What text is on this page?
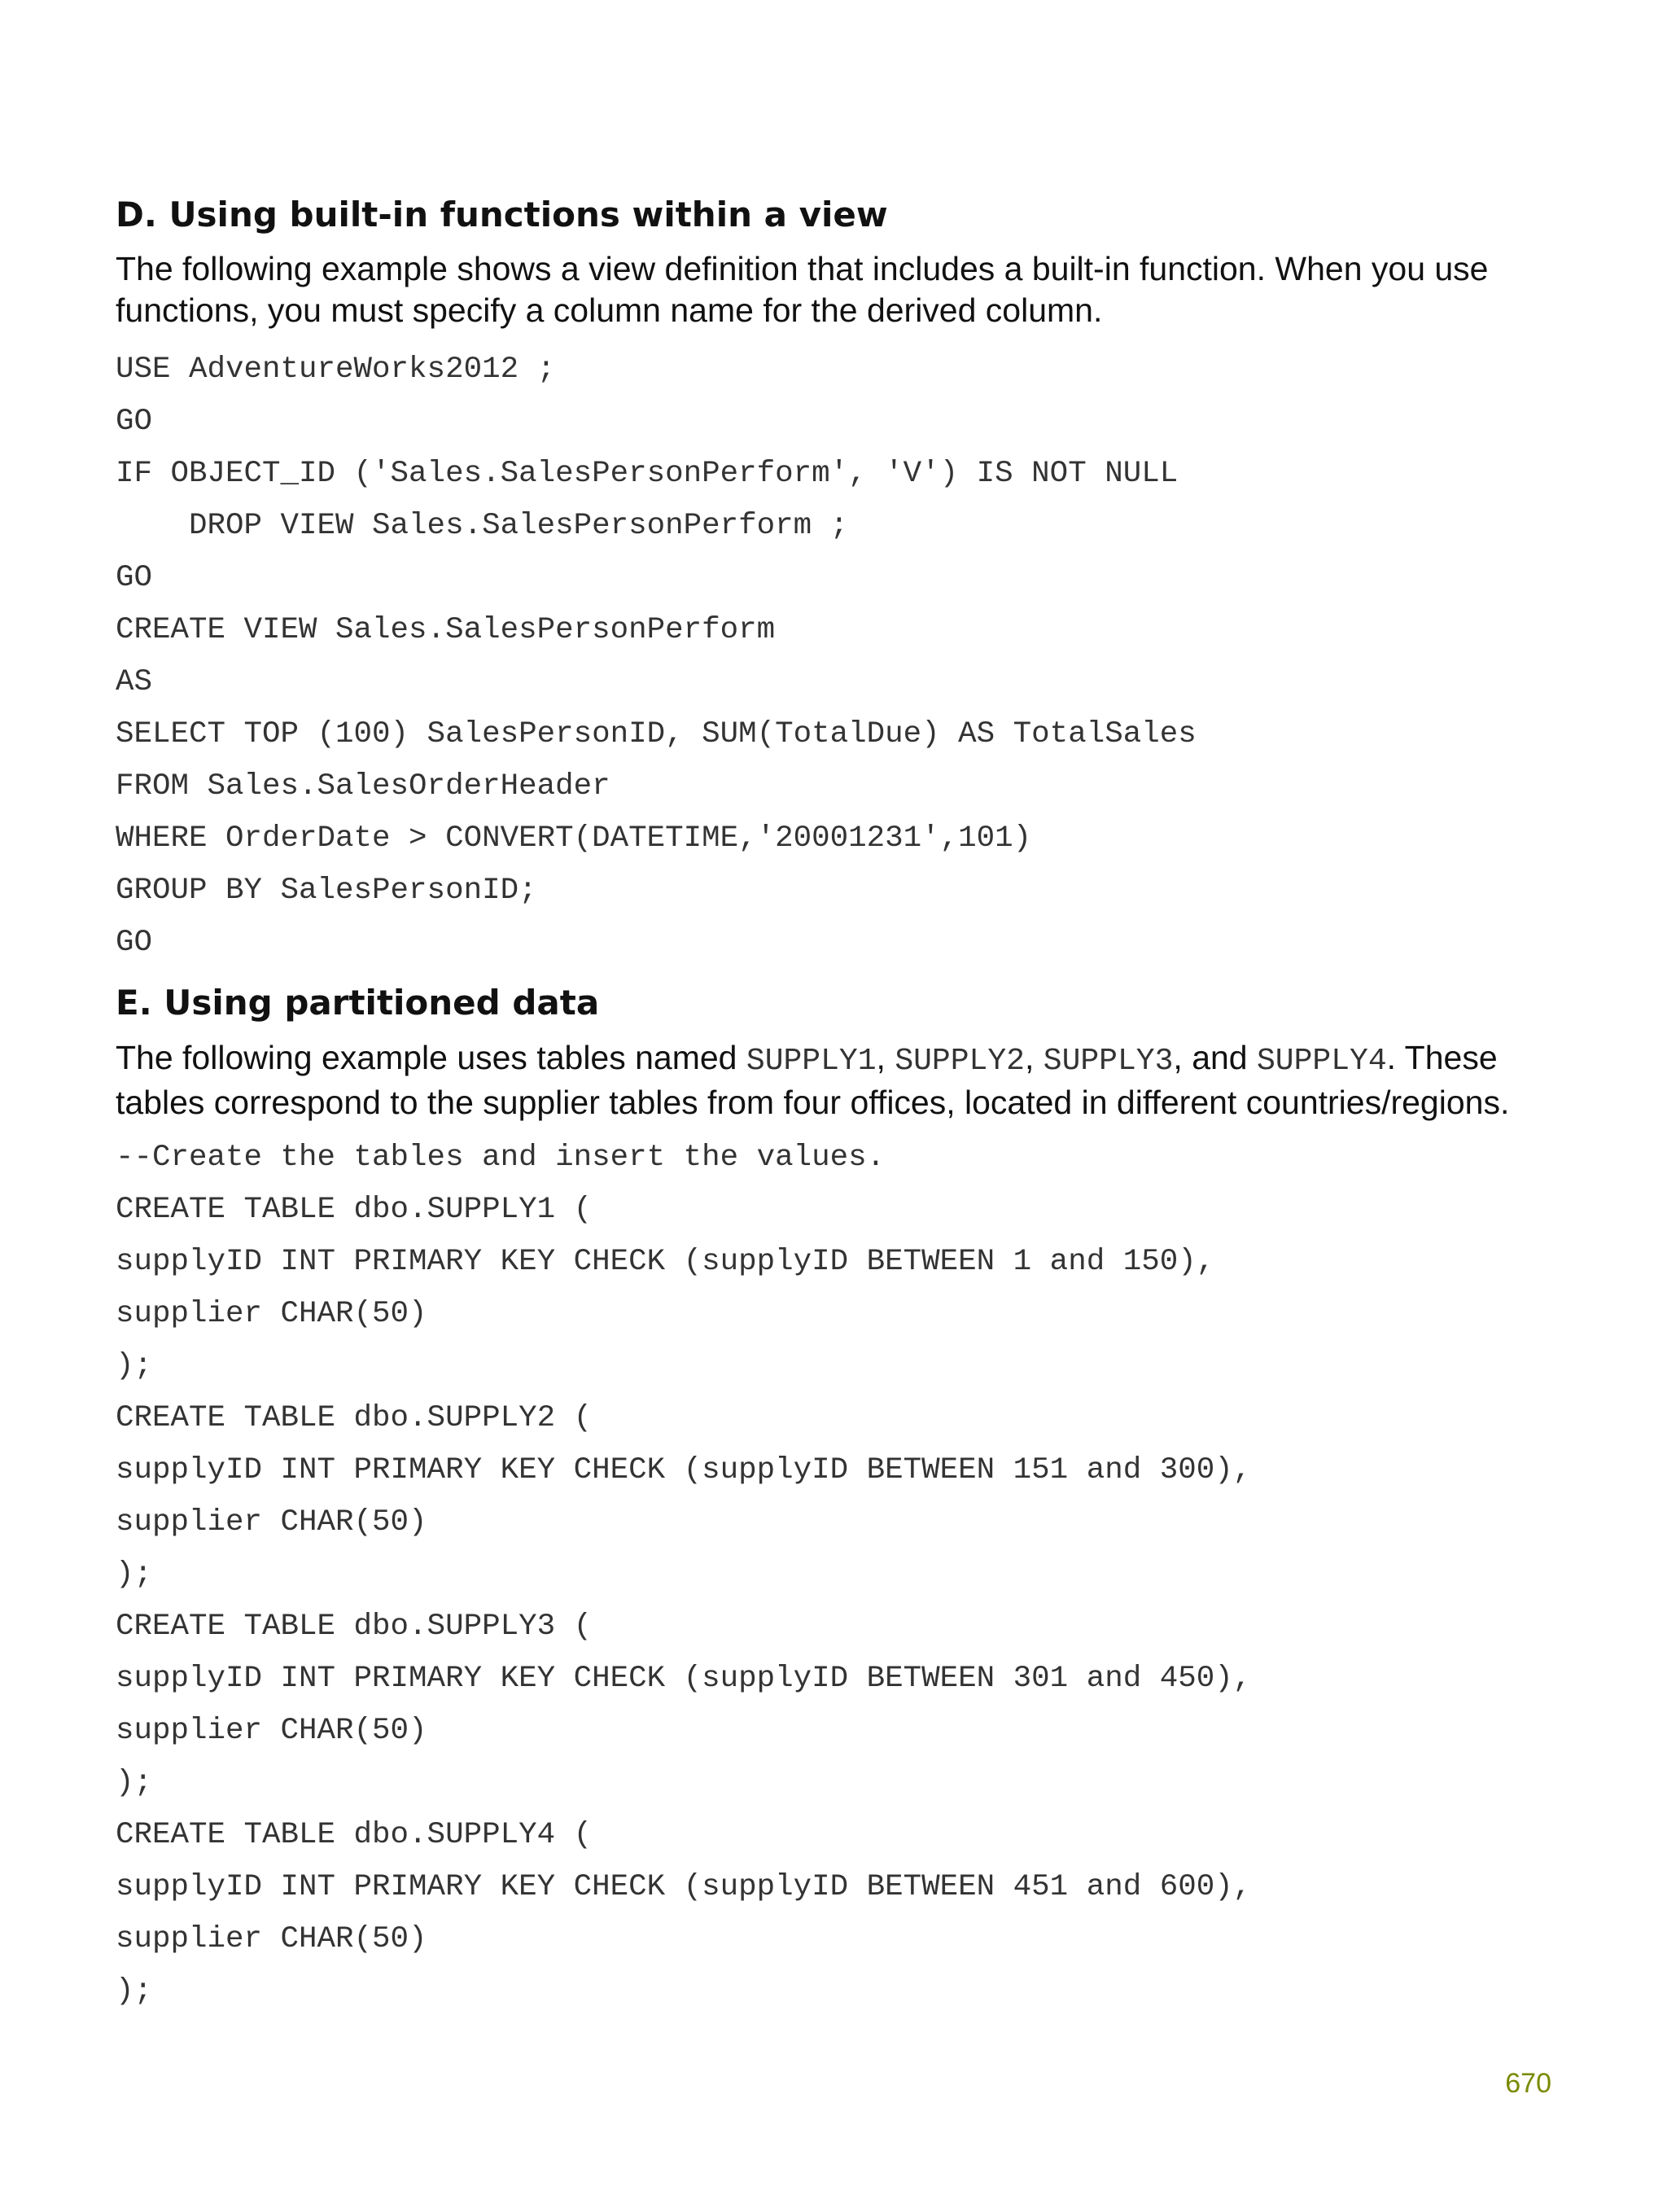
D. Using built-in functions within a view

The following example shows a view definition that includes a built-in function. When you use functions, you must specify a column name for the derived column.

USE AdventureWorks2012 ;
GO
IF OBJECT_ID ('Sales.SalesPersonPerform', 'V') IS NOT NULL
DROP VIEW Sales.SalesPersonPerform ;
GO
CREATE VIEW Sales.SalesPersonPerform
AS
SELECT TOP (100) SalesPersonID, SUM(TotalDue) AS TotalSales
FROM Sales.SalesOrderHeader
WHERE OrderDate > CONVERT(DATETIME,'20001231',101)
GROUP BY SalesPersonID;
GO
E. Using partitioned data

The following example uses tables named SUPPLY1, SUPPLY2, SUPPLY3, and SUPPLY4. These tables correspond to the supplier tables from four offices, located in different countries/regions.

--Create the tables and insert the values.
CREATE TABLE dbo.SUPPLY1 (
supplyID INT PRIMARY KEY CHECK (supplyID BETWEEN 1 and 150),
supplier CHAR(50)
);
CREATE TABLE dbo.SUPPLY2 (
supplyID INT PRIMARY KEY CHECK (supplyID BETWEEN 151 and 300),
supplier CHAR(50)
);
CREATE TABLE dbo.SUPPLY3 (
supplyID INT PRIMARY KEY CHECK (supplyID BETWEEN 301 and 450),
supplier CHAR(50)
);
CREATE TABLE dbo.SUPPLY4 (
supplyID INT PRIMARY KEY CHECK (supplyID BETWEEN 451 and 600),
supplier CHAR(50)
);
670
